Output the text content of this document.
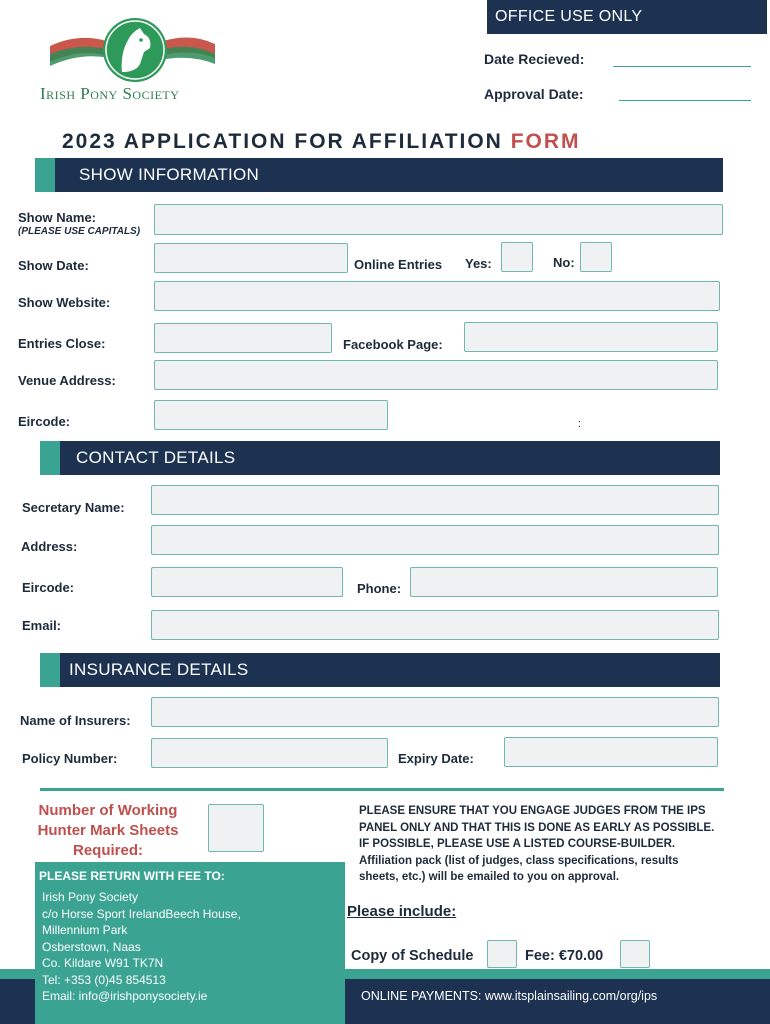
OFFICE USE ONLY
Date Recieved:
Approval Date:
Irish Pony Society
2023 APPLICATION FOR AFFILIATION FORM
SHOW INFORMATION
Show Name:
(PLEASE USE CAPITALS)
Show Date:	Online Entries Yes:	No:
Show Website:
Entries Close:	Facebook Page:
Venue Address:
Eircode:	:
CONTACT DETAILS
Secretary Name:
Address:
Eircode:	Phone:
Email:
INSURANCE DETAILS
Name of Insurers:
Policy Number:	Expiry Date:
Number of Working
Hunter Mark Sheets
Required:
PLEASE ENSURE THAT YOU ENGAGE JUDGES FROM THE IPS
PANEL ONLY AND THAT THIS IS DONE AS EARLY AS POSSIBLE.
IF POSSIBLE, PLEASE USE A LISTED COURSE-BUILDER.
Affiliation pack (list of judges, class specifications, results
sheets, etc.) will be emailed to you on approval.
ONLINE PAYMENTS: www.itsplainsailing.com/org/ips
PLEASE RETURN WITH FEE TO:
Irish Pony Society
c/o Horse Sport IrelandBeech House,
Millennium Park
Osberstown, Naas
Co. Kildare W91 TK7N
Tel: +353 (0)45 854513
Email: info@irishponysociety.ie
Please include:
Copy of Schedule	Fee: €70.00
